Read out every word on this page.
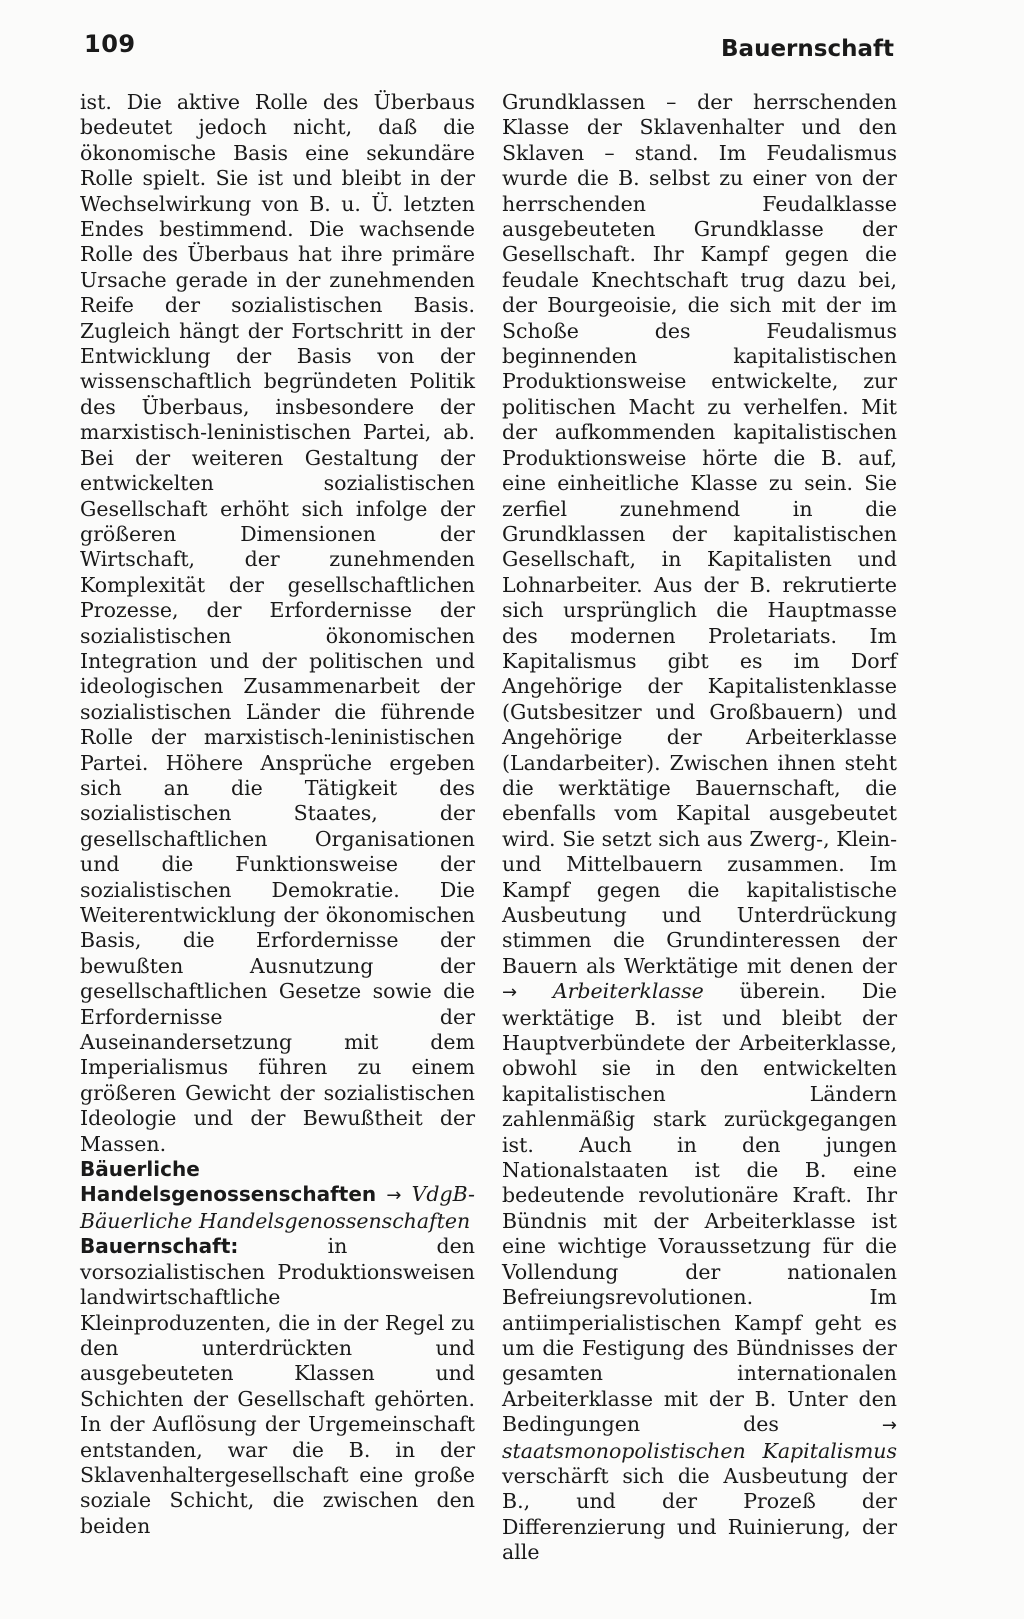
109	Bauernschaft

ist. Die aktive Rolle des Überbaus bedeutet jedoch nicht, daß die ökonomische Basis eine sekundäre Rolle spielt. Sie ist und bleibt in der Wechselwirkung von B. u. Ü. letzten Endes bestimmend. Die wachsende Rolle des Überbaus hat ihre primäre Ursache gerade in der zunehmenden Reife der sozialistischen Basis. Zugleich hängt der Fortschritt in der Entwicklung der Basis von der wissenschaftlich begründeten Politik des Überbaus, insbesondere der marxistisch-leninistischen Partei, ab. Bei der weiteren Gestaltung der entwickelten sozialistischen Gesellschaft erhöht sich infolge der größeren Dimensionen der Wirtschaft, der zunehmenden Komplexität der gesellschaftlichen Prozesse, der Erfordernisse der sozialistischen ökonomischen Integration und der politischen und ideologischen Zusammenarbeit der sozialistischen Länder die führende Rolle der marxistisch-leninistischen Partei. Höhere Ansprüche ergeben sich an die Tätigkeit des sozialistischen Staates, der gesellschaftlichen Organisationen und die Funktionsweise der sozialistischen Demokratie. Die Weiterentwicklung der ökonomischen Basis, die Erfordernisse der bewußten Ausnutzung der gesellschaftlichen Gesetze sowie die Erfordernisse der Auseinandersetzung mit dem Imperialismus führen zu einem größeren Gewicht der sozialistischen Ideologie und der Bewußtheit der Massen.

Bäuerliche Handelsgenossenschaften → VdgB-Bäuerliche Handelsgenossenschaften

Bauernschaft:	in den vorsozialistischen Produktionsweisen landwirtschaftliche Kleinproduzenten, die in der Regel zu den unterdrückten und ausgebeuteten Klassen und Schichten der Gesellschaft gehörten. In der Auflösung der Urgemeinschaft entstanden, war die B. in der Sklavenhaltergesellschaft eine große soziale Schicht, die zwischen den beiden

Grundklassen – der herrschenden Klasse der Sklavenhalter und den Sklaven – stand. Im Feudalismus wurde die B. selbst zu einer von der herrschenden Feudalklasse ausgebeuteten Grundklasse der Gesellschaft. Ihr Kampf gegen die feudale Knechtschaft trug dazu bei, der Bourgeoisie, die sich mit der im Schoße des Feudalismus beginnenden kapitalistischen Produktionsweise entwickelte, zur politischen Macht zu verhelfen. Mit der aufkommenden kapitalistischen Produktionsweise hörte die B. auf, eine einheitliche Klasse zu sein. Sie zerfiel zunehmend in die Grundklassen der kapitalistischen Gesellschaft, in Kapitalisten und Lohnarbeiter. Aus der B. rekrutierte sich ursprünglich die Hauptmasse des modernen Proletariats. Im Kapitalismus gibt es im Dorf Angehörige der Kapitalistenklasse (Gutsbesitzer und Großbauern) und Angehörige der Arbeiterklasse (Landarbeiter). Zwischen ihnen steht die werktätige Bauernschaft, die ebenfalls vom Kapital ausgebeutet wird. Sie setzt sich aus Zwerg-, Klein- und Mittelbauern zusammen. Im Kampf gegen die kapitalistische Ausbeutung und Unterdrückung stimmen die Grundinteressen der Bauern als Werktätige mit denen der → Arbeiterklasse überein. Die werktätige B. ist und bleibt der Hauptverbündete der Arbeiterklasse, obwohl sie in den entwickelten kapitalistischen Ländern zahlenmäßig stark zurückgegangen ist. Auch in den jungen Nationalstaaten ist die B. eine bedeutende revolutionäre Kraft. Ihr Bündnis mit der Arbeiterklasse ist eine wichtige Voraussetzung für die Vollendung der nationalen Befreiungsrevolutionen. Im antiimperialistischen Kampf geht es um die Festigung des Bündnisses der gesamten internationalen Arbeiterklasse mit der B. Unter den Bedingungen des	→ staatsmonopolistischen Kapitalismus verschärft sich die Ausbeutung der B., und der Prozeß der Differenzierung und Ruinierung, der alle
